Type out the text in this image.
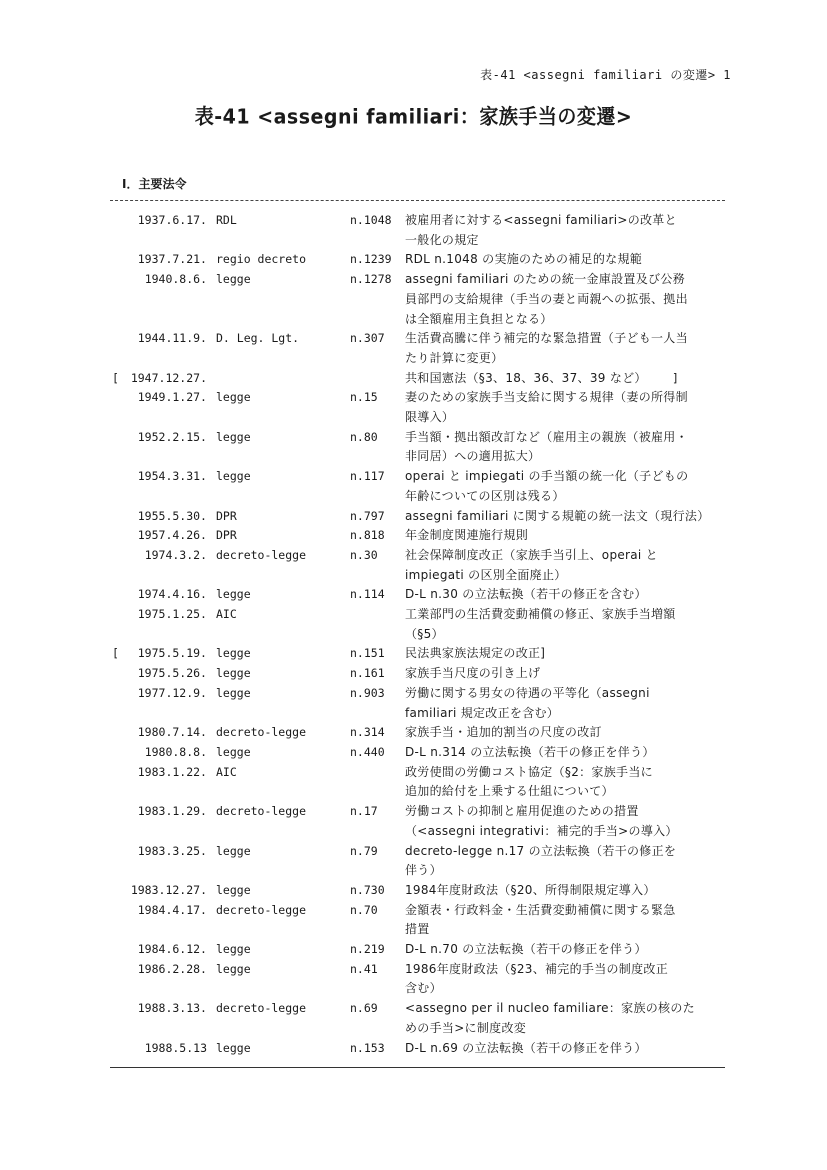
表-41 <assegni familiari の変遷> 1
表-41 <assegni familiari：家族手当の変遷>
I．主要法令
1937.6.17. RDL	n.1048 被雇用者に対する<assegni familiari>の改革と
一般化の規定
1937.7.21. regio decreto	n.1239 RDL n.1048 の実施のための補足的な規範
1940.8.6. legge	n.1278 assegni familiari のための統一金庫設置及び公務
員部門の支給規律（手当の妻と両親への拡張、拠出
は全額雇用主負担となる）
1944.11.9. D. Leg. Lgt.	n.307 生活費高騰に伴う補完的な緊急措置（子ども一人当
たり計算に変更）
[ 1947.12.27.	共和国憲法（§3、18、36、37、39 など）	]
1949.1.27. legge	n.15 妻のための家族手当支給に関する規律（妻の所得制
限導入）
1952.2.15. legge	n.80 手当額・拠出額改訂など（雇用主の親族（被雇用・
非同居）への適用拡大）
1954.3.31. legge	n.117 operai と impiegati の手当額の統一化（子どもの
年齢についての区別は残る）
1955.5.30. DPR	n.797 assegni familiari に関する規範の統一法文（現行法）
1957.4.26. DPR	n.818 年金制度関連施行規則
1974.3.2. decreto-legge	n.30 社会保障制度改正（家族手当引上、operai と
impiegati の区別全面廃止）
1974.4.16. legge	n.114 D-L n.30 の立法転換（若干の修正を含む）
1975.1.25. AIC	工業部門の生活費変動補償の修正、家族手当増額
（§5）
[ 1975.5.19. legge	n.151 民法典家族法規定の改正]
1975.5.26. legge	n.161 家族手当尺度の引き上げ
1977.12.9. legge	n.903 労働に関する男女の待遇の平等化（assegni
familiari 規定改正を含む）
1980.7.14. decreto-legge	n.314 家族手当・追加的割当の尺度の改訂
1980.8.8. legge	n.440 D-L n.314 の立法転換（若干の修正を伴う）
1983.1.22. AIC	政労使間の労働コスト協定（§2：家族手当に
追加的給付を上乗する仕組について）
1983.1.29. decreto-legge	n.17 労働コストの抑制と雇用促進のための措置
（<assegni integrativi：補完的手当>の導入）
1983.3.25. legge	n.79 decreto-legge n.17 の立法転換（若干の修正を
伴う）
1983.12.27. legge	n.730 1984年度財政法（§20、所得制限規定導入）
1984.4.17. decreto-legge	n.70 金額表・行政料金・生活費変動補償に関する緊急
措置
1984.6.12. legge	n.219 D-L n.70 の立法転換（若干の修正を伴う）
1986.2.28. legge	n.41 1986年度財政法（§23、補完的手当の制度改正
含む）
1988.3.13. decreto-legge	n.69 <assegno per il nucleo familiare：家族の核のた
めの手当>に制度改変
1988.5.13 legge	n.153 D-L n.69 の立法転換（若干の修正を伴う）
